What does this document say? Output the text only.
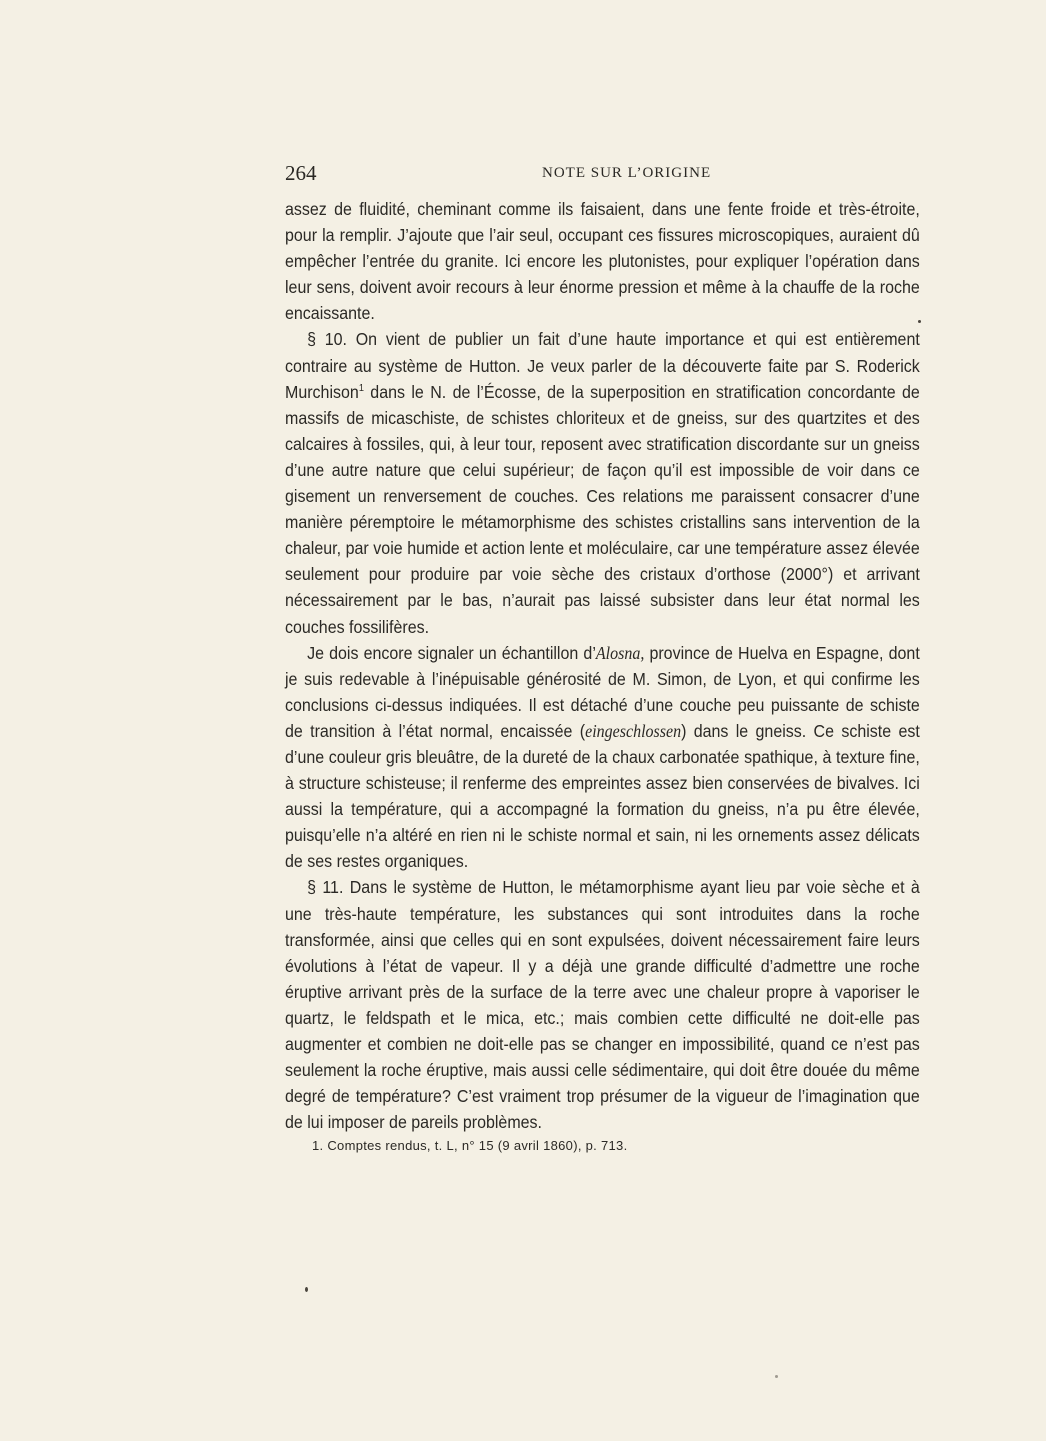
264	NOTE SUR L’ORIGINE

assez de fluidité, cheminant comme ils faisaient, dans une fente froide et très-étroite, pour la remplir. J’ajoute que l’air seul, occupant ces fissures microscopiques, auraient dû empêcher l’entrée du granite. Ici encore les plutonistes, pour expliquer l’opération dans leur sens, doivent avoir recours à leur énorme pression et même à la chauffe de la roche encaissante.

§ 10. On vient de publier un fait d’une haute importance et qui est entièrement contraire au système de Hutton. Je veux parler de la découverte faite par S. Roderick Murchison$^1$ dans le N. de l’Écosse, de la superposition en stratification concordante de massifs de micaschiste, de schistes chloriteux et de gneiss, sur des quartzites et des calcaires à fossiles, qui, à leur tour, reposent avec stratification discordante sur un gneiss d’une autre nature que celui supérieur; de façon qu’il est impossible de voir dans ce gisement un renversement de couches. Ces relations me paraissent consacrer d’une manière péremptoire le métamorphisme des schistes cristallins sans intervention de la chaleur, par voie humide et action lente et moléculaire, car une température assez élevée seulement pour produire par voie sèche des cristaux d’orthose (2000°) et arrivant nécessairement par le bas, n’aurait pas laissé subsister dans leur état normal les couches fossilifères.

Je dois encore signaler un échantillon d’Alosna, province de Huelva en Espagne, dont je suis redevable à l’inépuisable générosité de M. Simon, de Lyon, et qui confirme les conclusions ci-dessus indiquées. Il est détaché d’une couche peu puissante de schiste de transition à l’état normal, encaissée (eingeschlossen) dans le gneiss. Ce schiste est d’une couleur gris bleuâtre, de la dureté de la chaux carbonatée spathique, à texture fine, à structure schisteuse; il renferme des empreintes assez bien conservées de bivalves. Ici aussi la température, qui a accompagné la formation du gneiss, n’a pu être élevée, puisqu’elle n’a altéré en rien ni le schiste normal et sain, ni les ornements assez délicats de ses restes organiques.

§ 11. Dans le système de Hutton, le métamorphisme ayant lieu par voie sèche et à une très-haute température, les substances qui sont introduites dans la roche transformée, ainsi que celles qui en sont expulsées, doivent nécessairement faire leurs évolutions à l’état de vapeur. Il y a déjà une grande difficulté d’admettre une roche éruptive arrivant près de la surface de la terre avec une chaleur propre à vaporiser le quartz, le feldspath et le mica, etc.; mais combien cette difficulté ne doit-elle pas augmenter et combien ne doit-elle pas se changer en impossibilité, quand ce n’est pas seulement la roche éruptive, mais aussi celle sédimentaire, qui doit être douée du même degré de température? C’est vraiment trop présumer de la vigueur de l’imagination que de lui imposer de pareils problèmes.

1. Comptes rendus, t. L, n° 15 (9 avril 1860), p. 713.
